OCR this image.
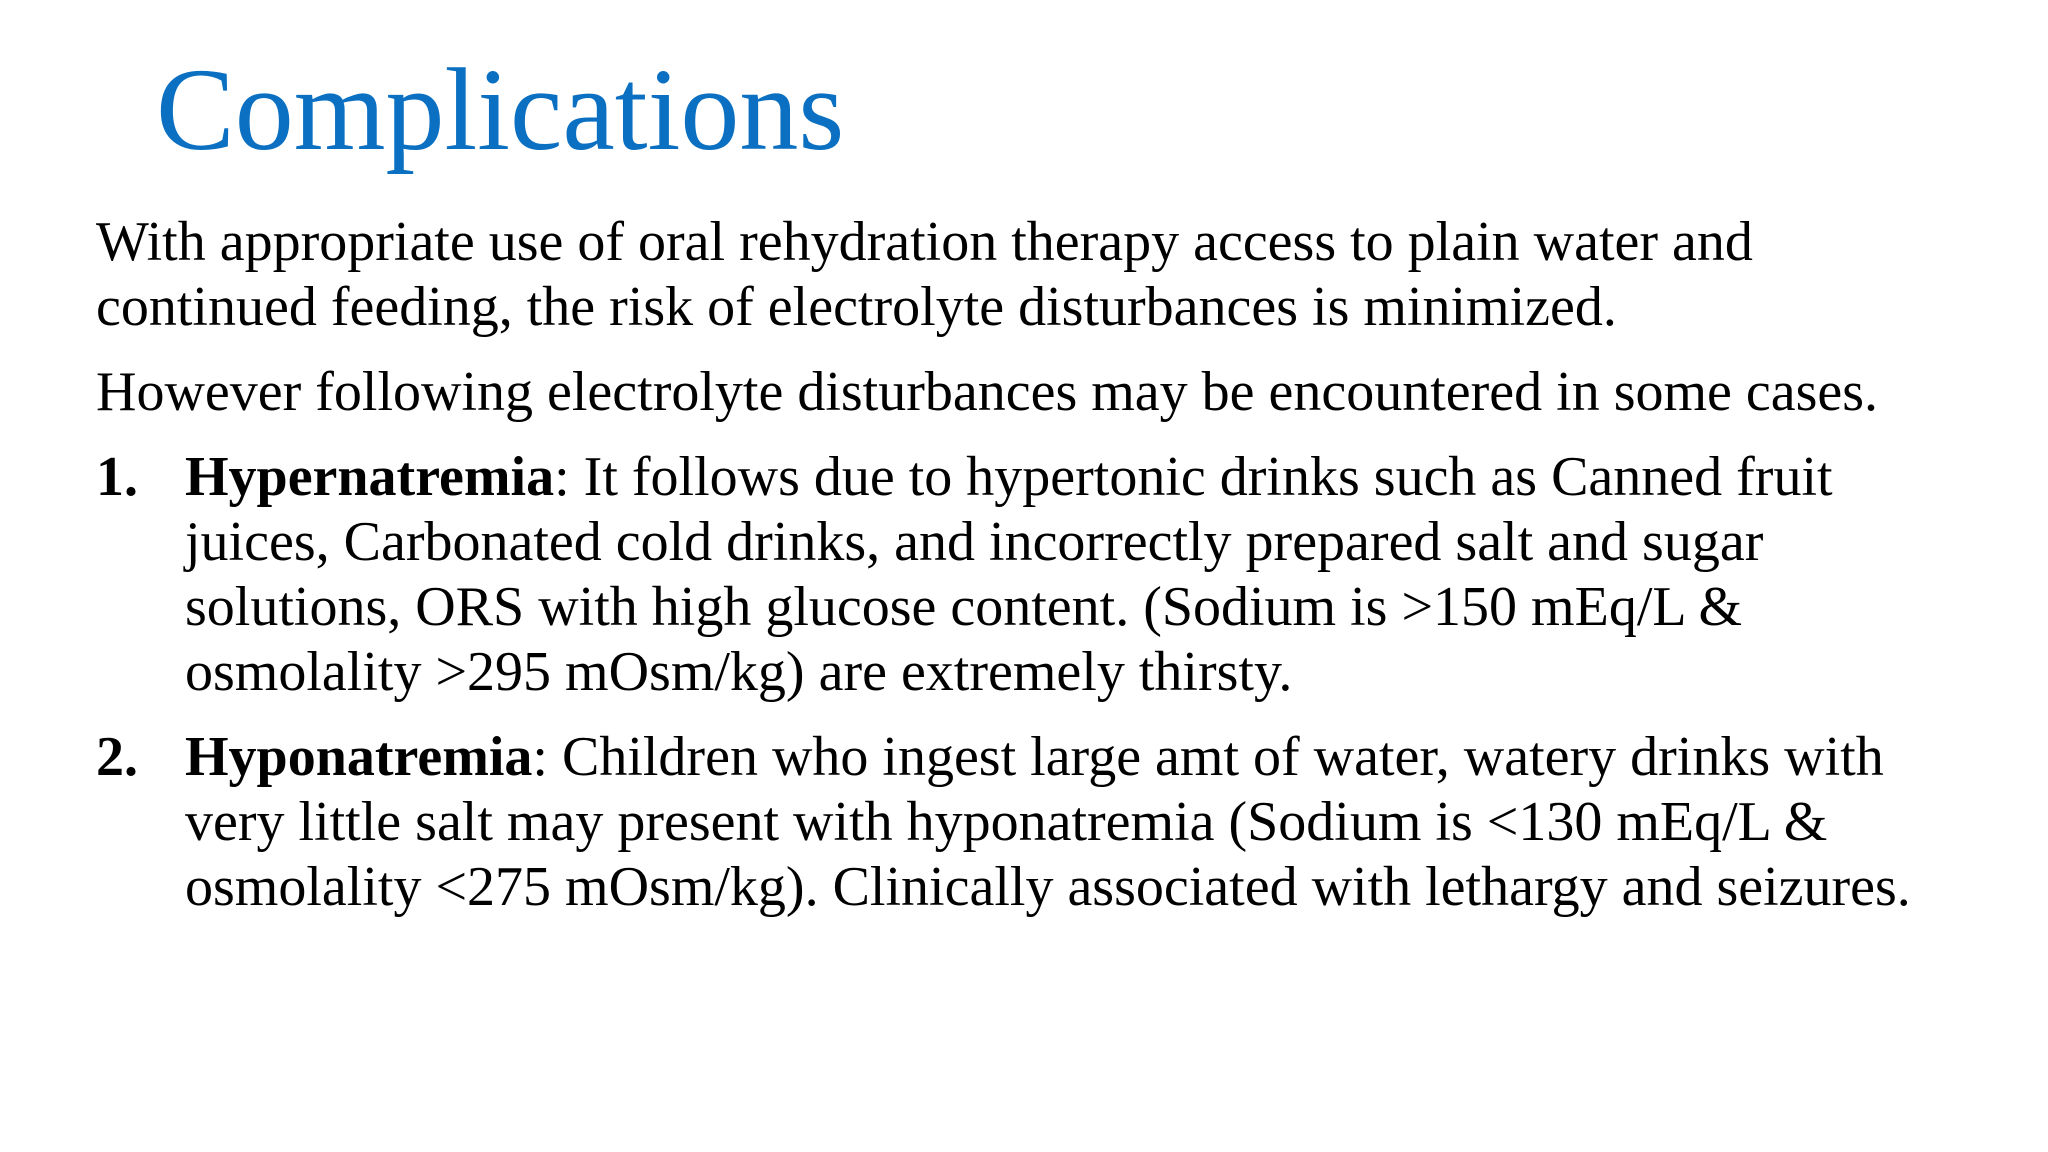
Complications

With appropriate use of oral rehydration therapy access to plain water and continued feeding, the risk of electrolyte disturbances is minimized.

However following electrolyte disturbances may be encountered in some cases.

1. Hypernatremia: It follows due to hypertonic drinks such as Canned fruit juices, Carbonated cold drinks, and incorrectly prepared salt and sugar solutions, ORS with high glucose content. (Sodium is >150 mEq/L & osmolality >295 mOsm/kg) are extremely thirsty.
2. Hyponatremia: Children who ingest large amt of water, watery drinks with very little salt may present with hyponatremia (Sodium is <130 mEq/L & osmolality <275 mOsm/kg). Clinically associated with lethargy and seizures.
